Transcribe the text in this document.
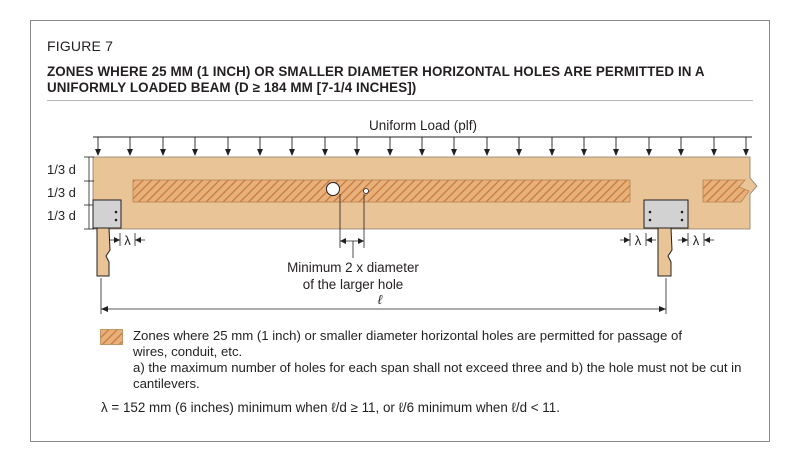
FIGURE 7
ZONES WHERE 25 MM (1 INCH) OR SMALLER DIAMETER HORIZONTAL HOLES ARE PERMITTED IN A UNIFORMLY LOADED BEAM (D ≥ 184 MM [7-1/4 INCHES])
Uniform Load (plf)
1/3 d
1/3 d
1/3 d
λ	λ	λ
Minimum 2 x diameter
of the larger hole
ℓ

Zones where 25 mm (1 inch) or smaller diameter horizontal holes are permitted for passage of

wires, conduit, etc.

a) the maximum number of holes for each span shall not exceed three and b) the hole must not be cut in cantilevers.

λ = 152 mm (6 inches) minimum when ℓ/d ≥ 11, or ℓ/6 minimum when ℓ/d < 11.
